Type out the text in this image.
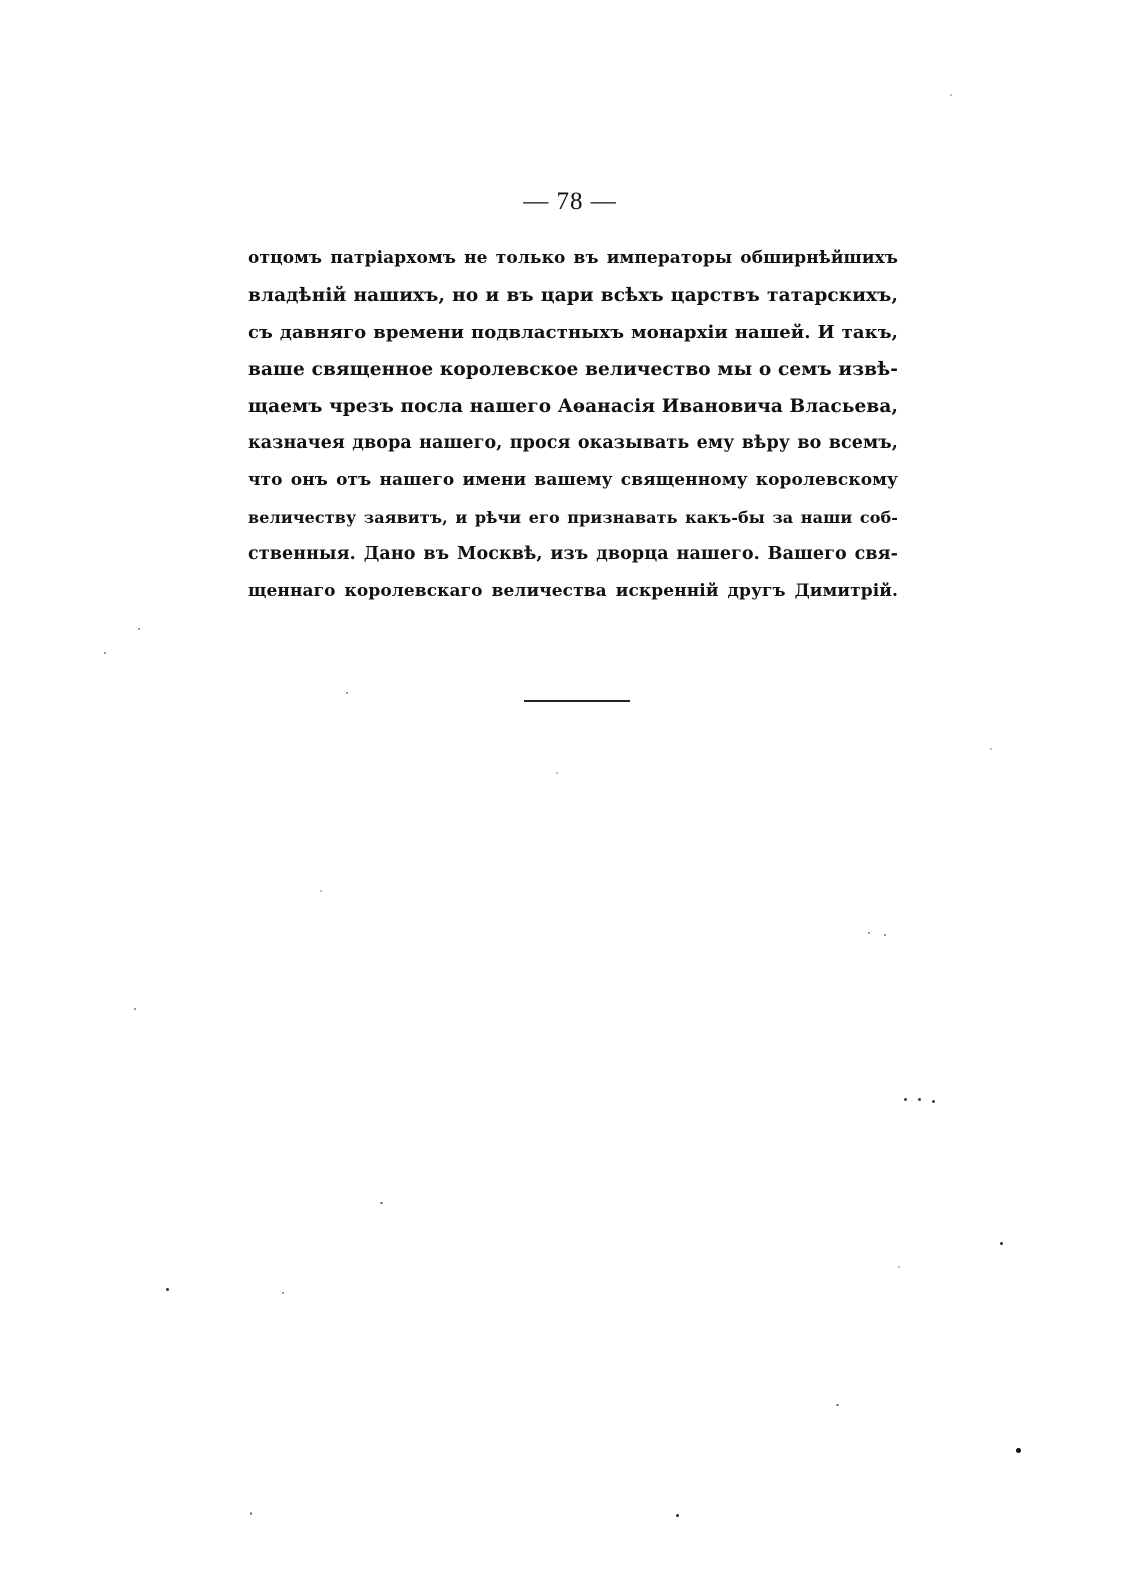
— 78 —
отцомъ патріархомъ не только въ императоры обширнѣйшихъ
владѣній нашихъ, но и въ цари всѣхъ царствъ татарскихъ,
съ давняго времени подвластныхъ монархіи нашей. И такъ,
ваше священное королевское величество мы о семъ извѣ-
щаемъ чрезъ посла нашего Аѳанасія Ивановича Власьева,
казначея двора нашего, прося оказывать ему вѣру во всемъ,
что онъ отъ нашего имени вашему священному королевскому
величеству заявитъ, и рѣчи его признавать какъ-бы за наши соб-
ственныя. Дано въ Москвѣ, изъ дворца нашего. Вашего свя-
щеннаго королевскаго величества искренній другъ Димитрій.
